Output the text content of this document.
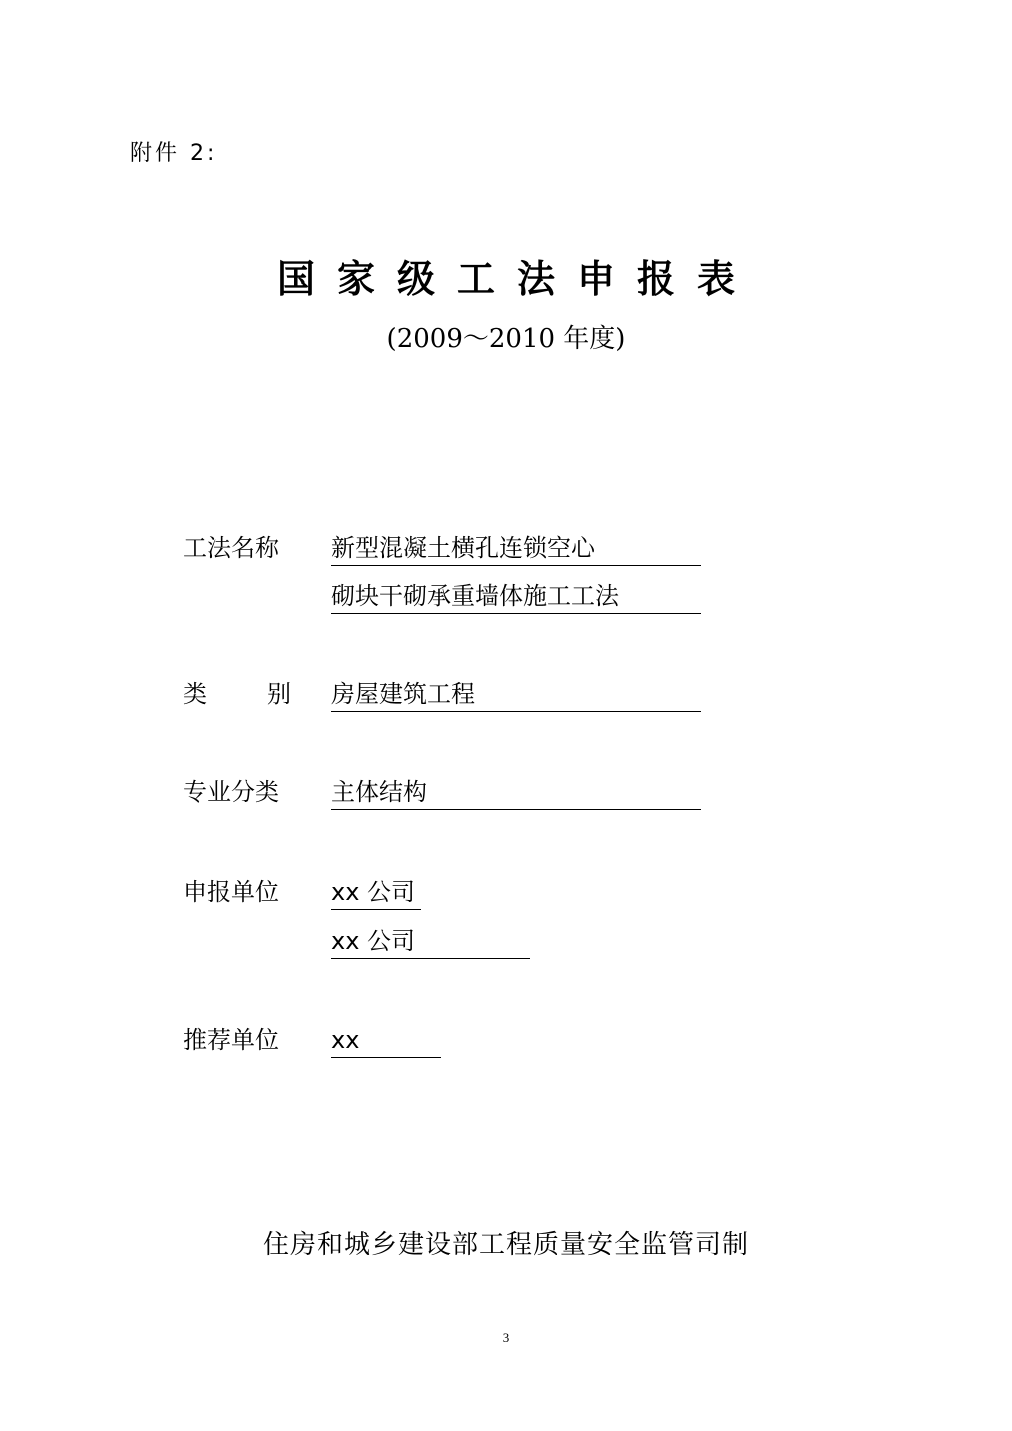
附件 2:
国家级工法申报表
(2009～2010 年度)
工法名称 新型混凝土横孔连锁空心
砌块干砌承重墙体施工工法
类　　别 房屋建筑工程
专业分类 主体结构
申报单位 xx 公司
xx 公司
推荐单位 xx
住房和城乡建设部工程质量安全监管司制
3
